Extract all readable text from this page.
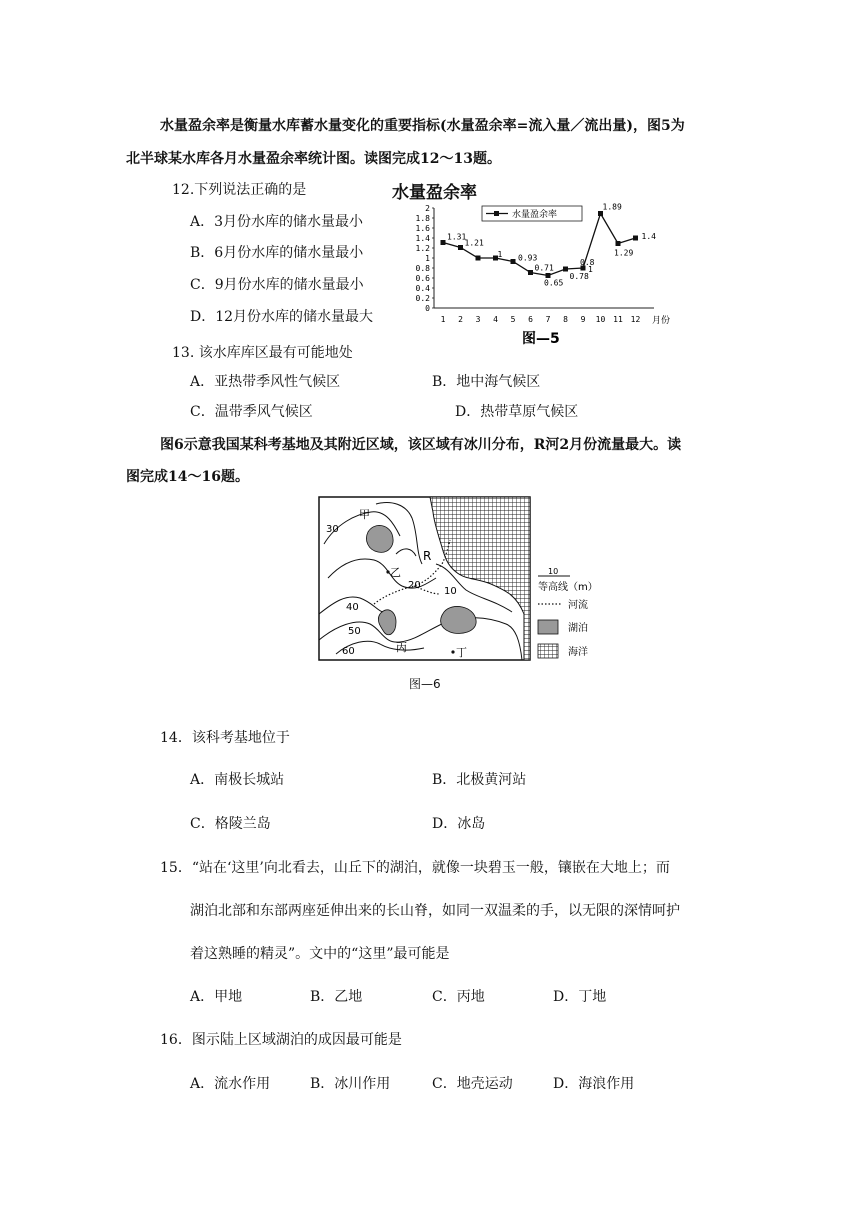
水量盈余率是衡量水库蓄水量变化的重要指标(水量盈余率=流入量／流出量)，图5为
北半球某水库各月水量盈余率统计图。读图完成12～13题。
12.下列说法正确的是
A．3月份水库的储水量最小
B．6月份水库的储水量最小
C．9月份水库的储水量最小
D．12月份水库的储水量最大
水量盈余率
0
0.2
0.4
0.6
0.8
1
1.2
1.4
1.6
1.8
2
1 2 3 4 5 6 7 8 9 10 11 12 月份
1.31
1.21
1 0.93
0.71
0.65
0.78
0.8
1.89
1.29
1.4
1
水量盈余率
图—5
13. 该水库库区最有可能地处
A．亚热带季风性气候区	B．地中海气候区
C．温带季风气候区	D．热带草原气候区
图6示意我国某科考基地及其附近区域，该区域有冰川分布，R河2月份流量最大。读
图完成14～16题。
甲
R
乙
丙	丁
30
20
10
40
50
60
10
等高线（m）
河流
湖泊
海洋
图—6
14．该科考基地位于
A．南极长城站	B．北极黄河站
C．格陵兰岛	D．冰岛
15．“站在‘这里’向北看去，山丘下的湖泊，就像一块碧玉一般，镶嵌在大地上；而
湖泊北部和东部两座延伸出来的长山脊，如同一双温柔的手，以无限的深情呵护
着这熟睡的精灵”。文中的“这里”最可能是
A．甲地	B．乙地	C．丙地	D．丁地
16．图示陆上区域湖泊的成因最可能是
A．流水作用	B．冰川作用	C．地壳运动	D．海浪作用
